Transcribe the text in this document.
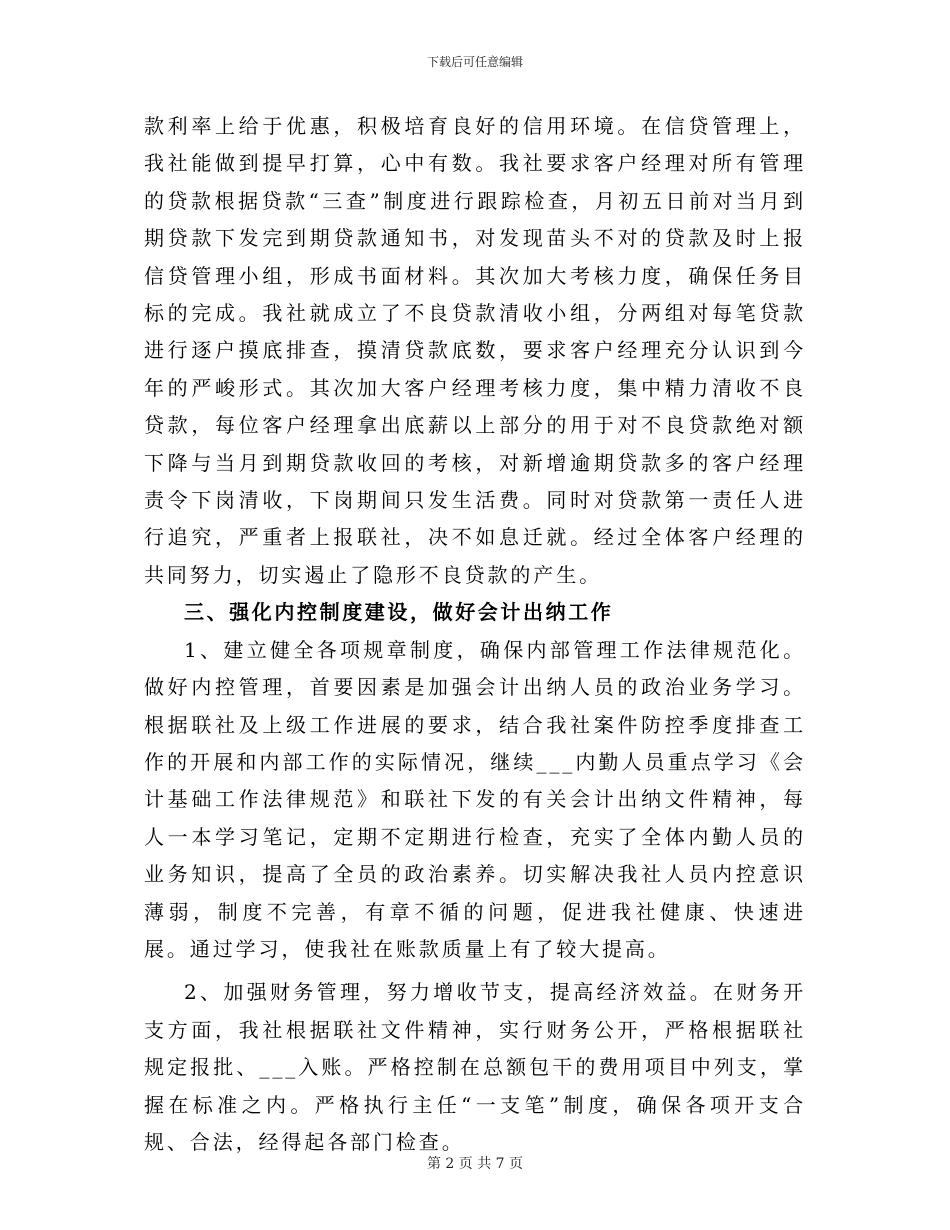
下载后可任意编辑

款利率上给于优惠，积极培育良好的信用环境。在信贷管理上，我社能做到提早打算，心中有数。我社要求客户经理对所有管理的贷款根据贷款“三查”制度进行跟踪检查，月初五日前对当月到期贷款下发完到期贷款通知书，对发现苗头不对的贷款及时上报信贷管理小组，形成书面材料。其次加大考核力度，确保任务目标的完成。我社就成立了不良贷款清收小组，分两组对每笔贷款进行逐户摸底排查，摸清贷款底数，要求客户经理充分认识到今年的严峻形式。其次加大客户经理考核力度，集中精力清收不良贷款，每位客户经理拿出底薪以上部分的用于对不良贷款绝对额下降与当月到期贷款收回的考核，对新增逾期贷款多的客户经理责令下岗清收，下岗期间只发生活费。同时对贷款第一责任人进行追究，严重者上报联社，决不如息迁就。经过全体客户经理的共同努力，切实遏止了隐形不良贷款的产生。

三、强化内控制度建设，做好会计出纳工作

1、建立健全各项规章制度，确保内部管理工作法律规范化。做好内控管理，首要因素是加强会计出纳人员的政治业务学习。根据联社及上级工作进展的要求，结合我社案件防控季度排查工作的开展和内部工作的实际情况，继续___内勤人员重点学习《会计基础工作法律规范》和联社下发的有关会计出纳文件精神，每人一本学习笔记，定期不定期进行检查，充实了全体内勤人员的业务知识，提高了全员的政治素养。切实解决我社人员内控意识薄弱，制度不完善，有章不循的问题，促进我社健康、快速进展。通过学习，使我社在账款质量上有了较大提高。

2、加强财务管理，努力增收节支，提高经济效益。在财务开支方面，我社根据联社文件精神，实行财务公开，严格根据联社规定报批、___入账。严格控制在总额包干的费用项目中列支，掌握在标准之内。严格执行主任“一支笔”制度，确保各项开支合规、合法，经得起各部门检查。

第 2 页 共 7 页
